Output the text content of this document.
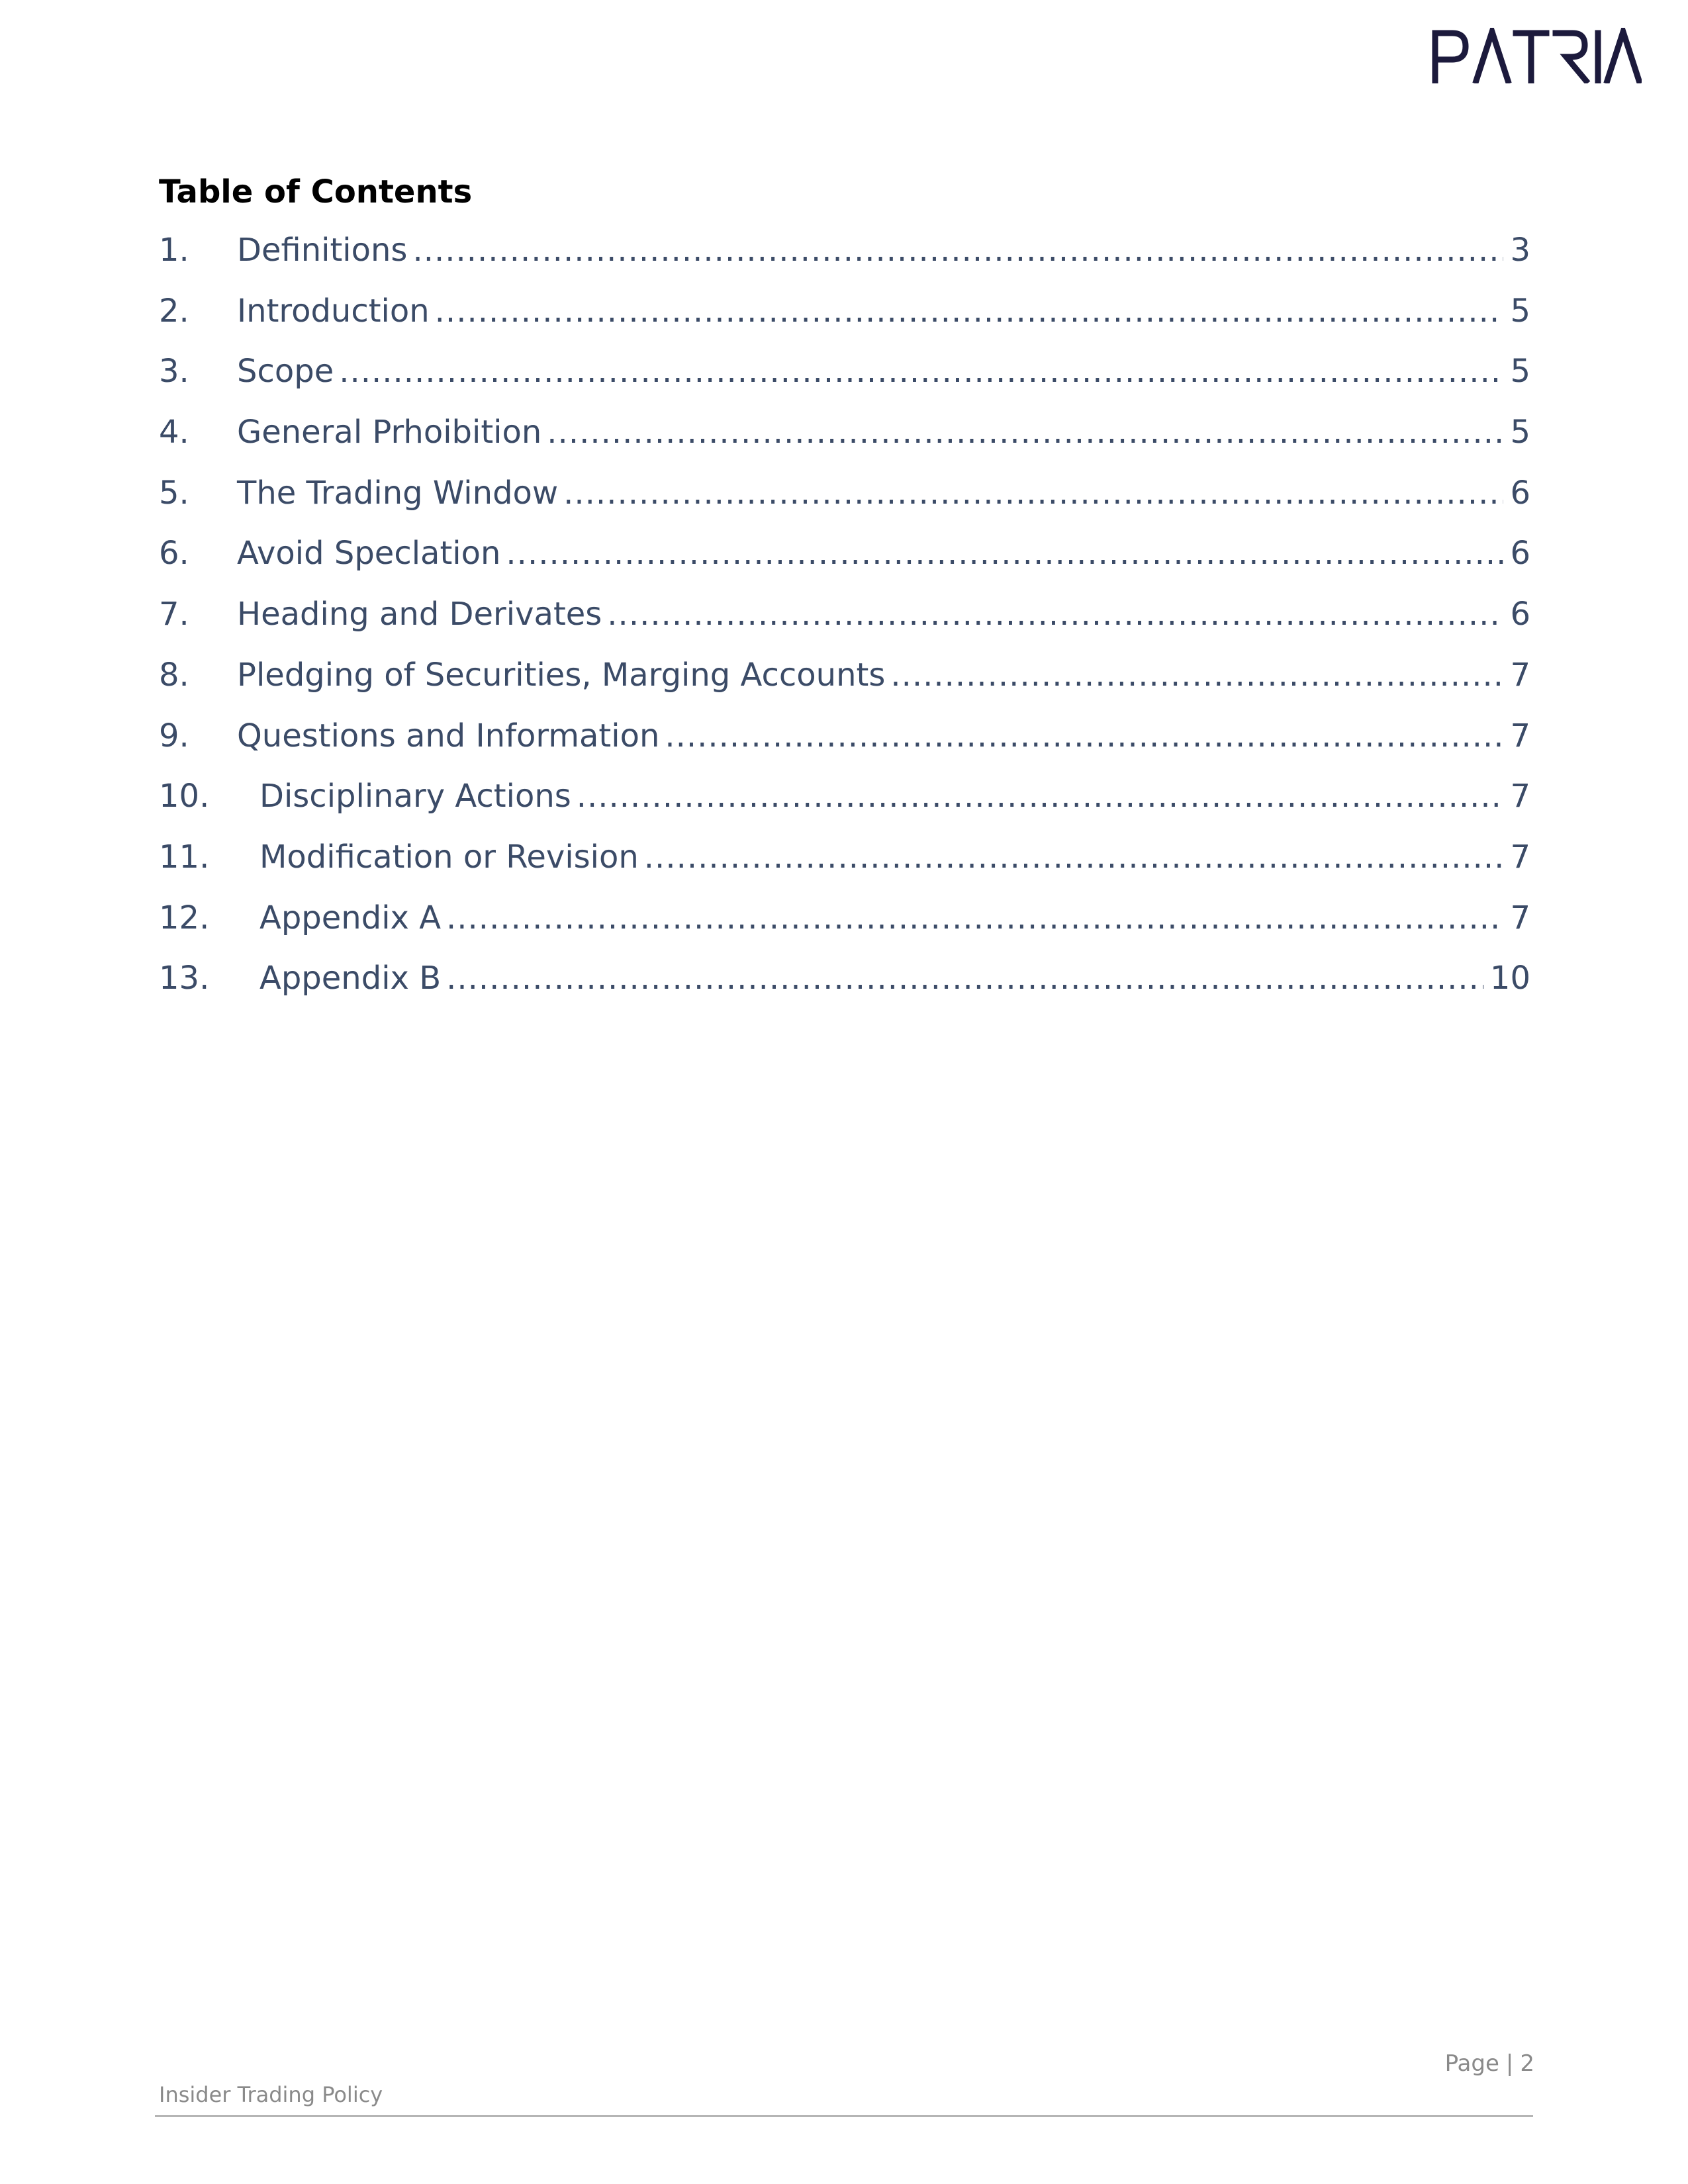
Table of Contents
1.	Definitions .....	3
2.	Introduction .....	5
3.	Scope .....	5
4.	General Prhoibition .....	5
5.	The Trading Window .....	6
6.	Avoid Speclation .....	6
7.	Heading and Derivates .....	6
8.	Pledging of Securities, Marging Accounts .....	7
9.	Questions and Information .....	7
10.	Disciplinary Actions .....	7
11.	Modification or Revision .....	7
12.	Appendix A .....	7
13.	Appendix B .....	10
Page | 2
Insider Trading Policy
